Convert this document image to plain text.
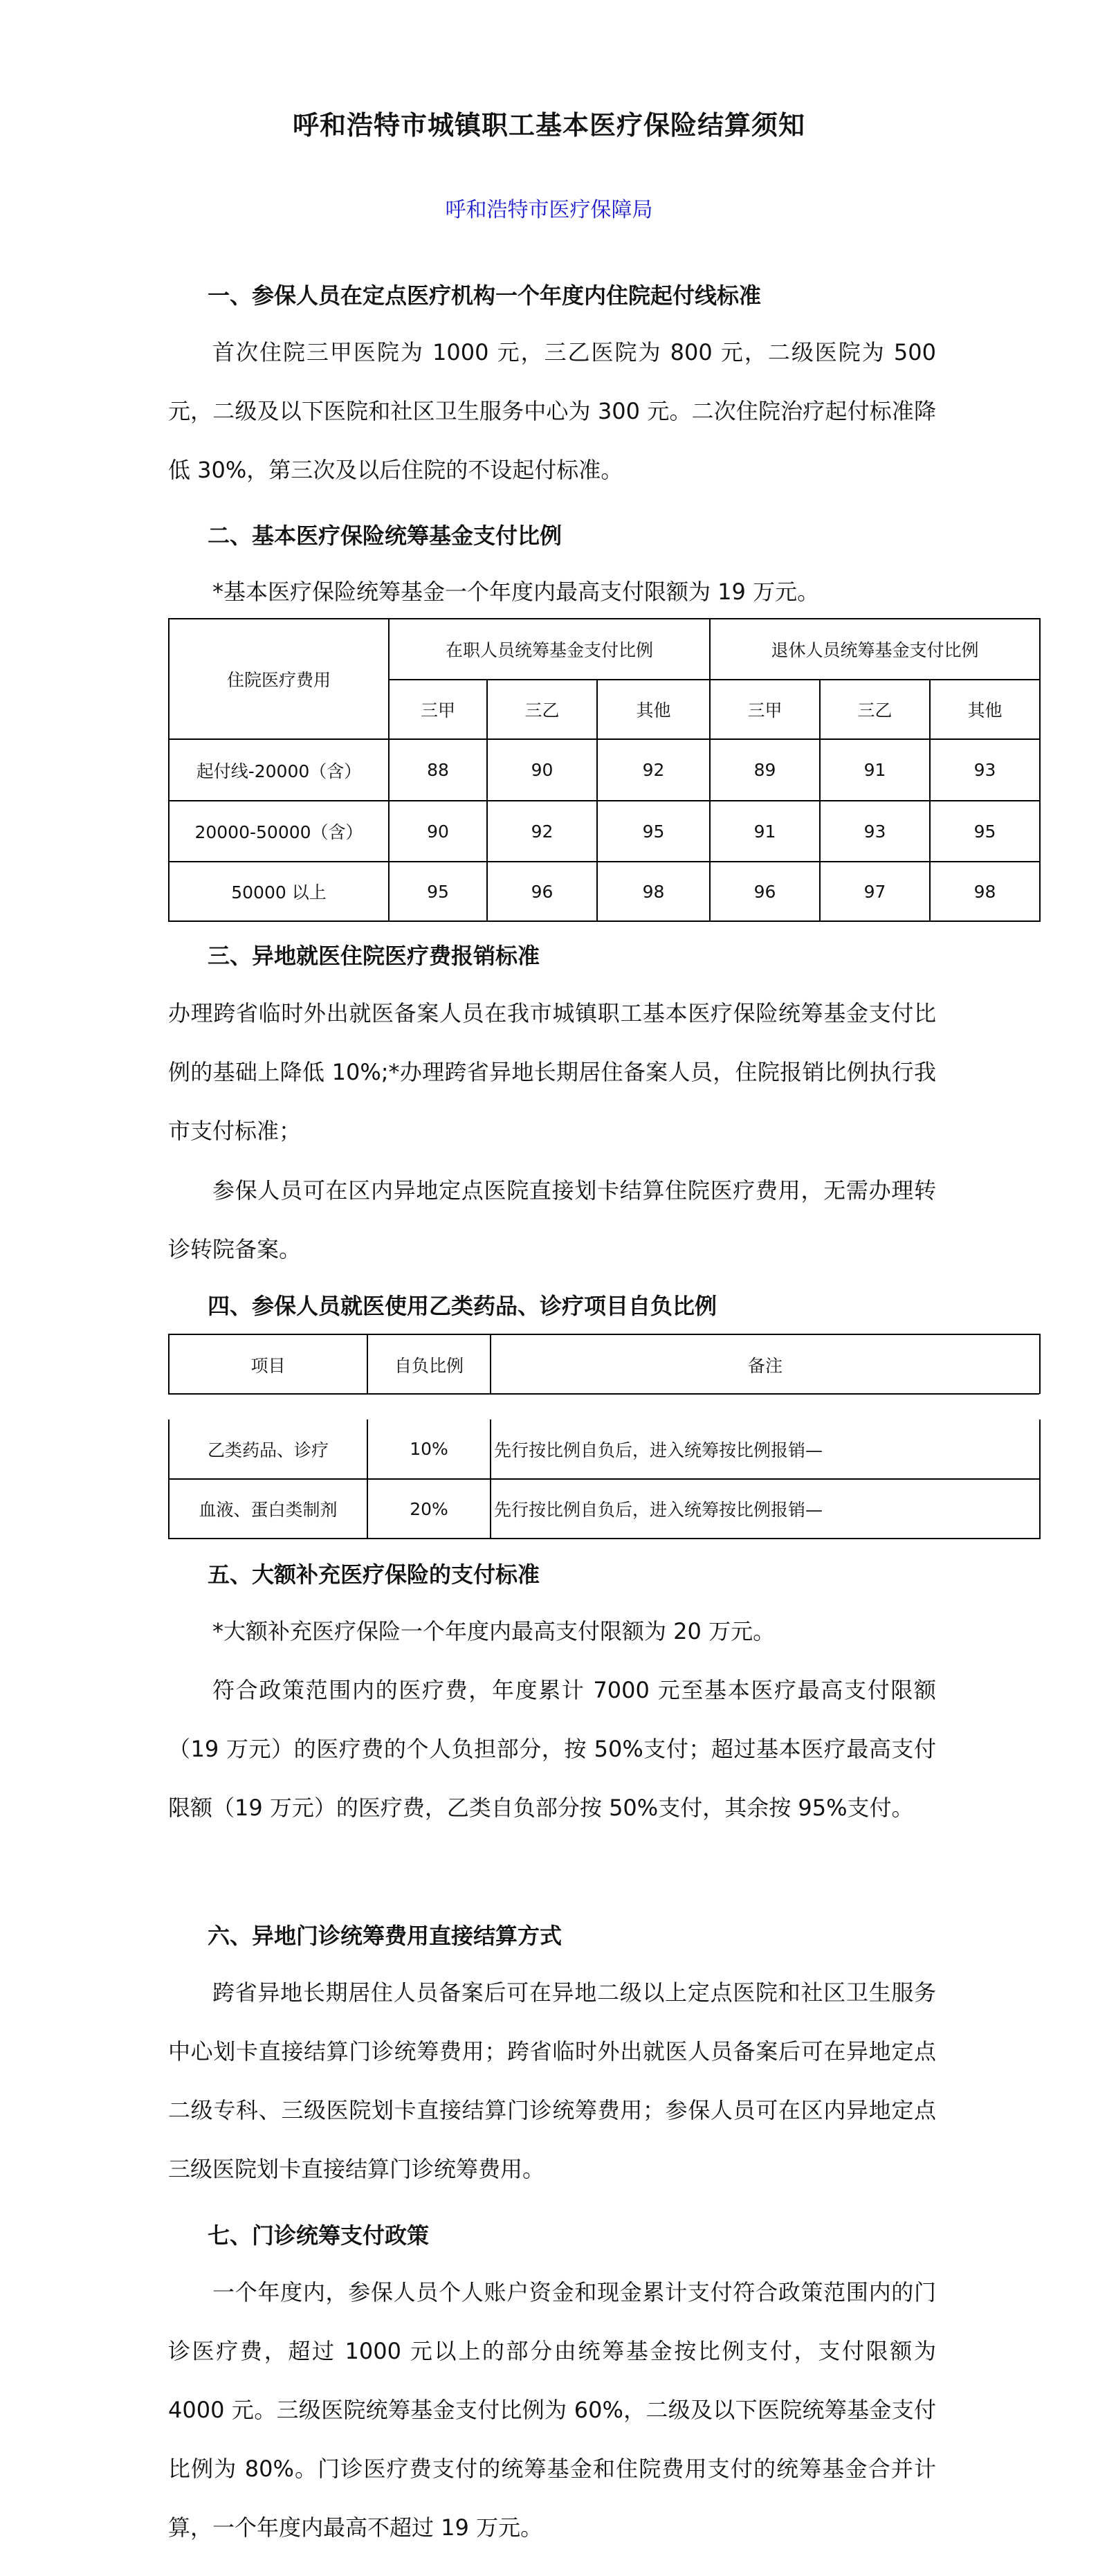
呼和浩特市城镇职工基本医疗保险结算须知
呼和浩特市医疗保障局
一、参保人员在定点医疗机构一个年度内住院起付线标准

首次住院三甲医院为 1000 元，三乙医院为 800 元，二级医院为 500 元，二级及以下医院和社区卫生服务中心为 300 元。二次住院治疗起付标准降低 30%，第三次及以后住院的不设起付标准。

二、基本医疗保险统筹基金支付比例

*基本医疗保险统筹基金一个年度内最高支付限额为 19 万元。

住院医疗费用	在职人员统筹基金支付比例			退休人员统筹基金支付比例		
	三甲	三乙	其他	三甲	三乙	其他
起付线-20000（含）	88	90	92	89	91	93
20000-50000（含）	90	92	95	91	93	95
50000 以上	95	96	98	96	97	98
三、异地就医住院医疗费报销标准

办理跨省临时外出就医备案人员在我市城镇职工基本医疗保险统筹基金支付比例的基础上降低 10%;*办理跨省异地长期居住备案人员，住院报销比例执行我市支付标准；

参保人员可在区内异地定点医院直接划卡结算住院医疗费用，无需办理转诊转院备案。

四、参保人员就医使用乙类药品、诊疗项目自负比例
项目	自负比例	备注
乙类药品、诊疗	10%	先行按比例自负后，进入统筹按比例报销—
血液、蛋白类制剂	20%	先行按比例自负后，进入统筹按比例报销—
五、大额补充医疗保险的支付标准

*大额补充医疗保险一个年度内最高支付限额为 20 万元。

符合政策范围内的医疗费，年度累计 7000 元至基本医疗最高支付限额（19 万元）的医疗费的个人负担部分，按 50%支付；超过基本医疗最高支付限额（19 万元）的医疗费，乙类自负部分按 50%支付，其余按 95%支付。

六、异地门诊统筹费用直接结算方式

跨省异地长期居住人员备案后可在异地二级以上定点医院和社区卫生服务中心划卡直接结算门诊统筹费用；跨省临时外出就医人员备案后可在异地定点二级专科、三级医院划卡直接结算门诊统筹费用；参保人员可在区内异地定点三级医院划卡直接结算门诊统筹费用。

七、门诊统筹支付政策

一个年度内，参保人员个人账户资金和现金累计支付符合政策范围内的门诊医疗费，超过 1000 元以上的部分由统筹基金按比例支付，支付限额为 4000 元。三级医院统筹基金支付比例为 60%，二级及以下医院统筹基金支付比例为 80%。门诊医疗费支付的统筹基金和住院费用支付的统筹基金合并计算，一个年度内最高不超过 19 万元。
